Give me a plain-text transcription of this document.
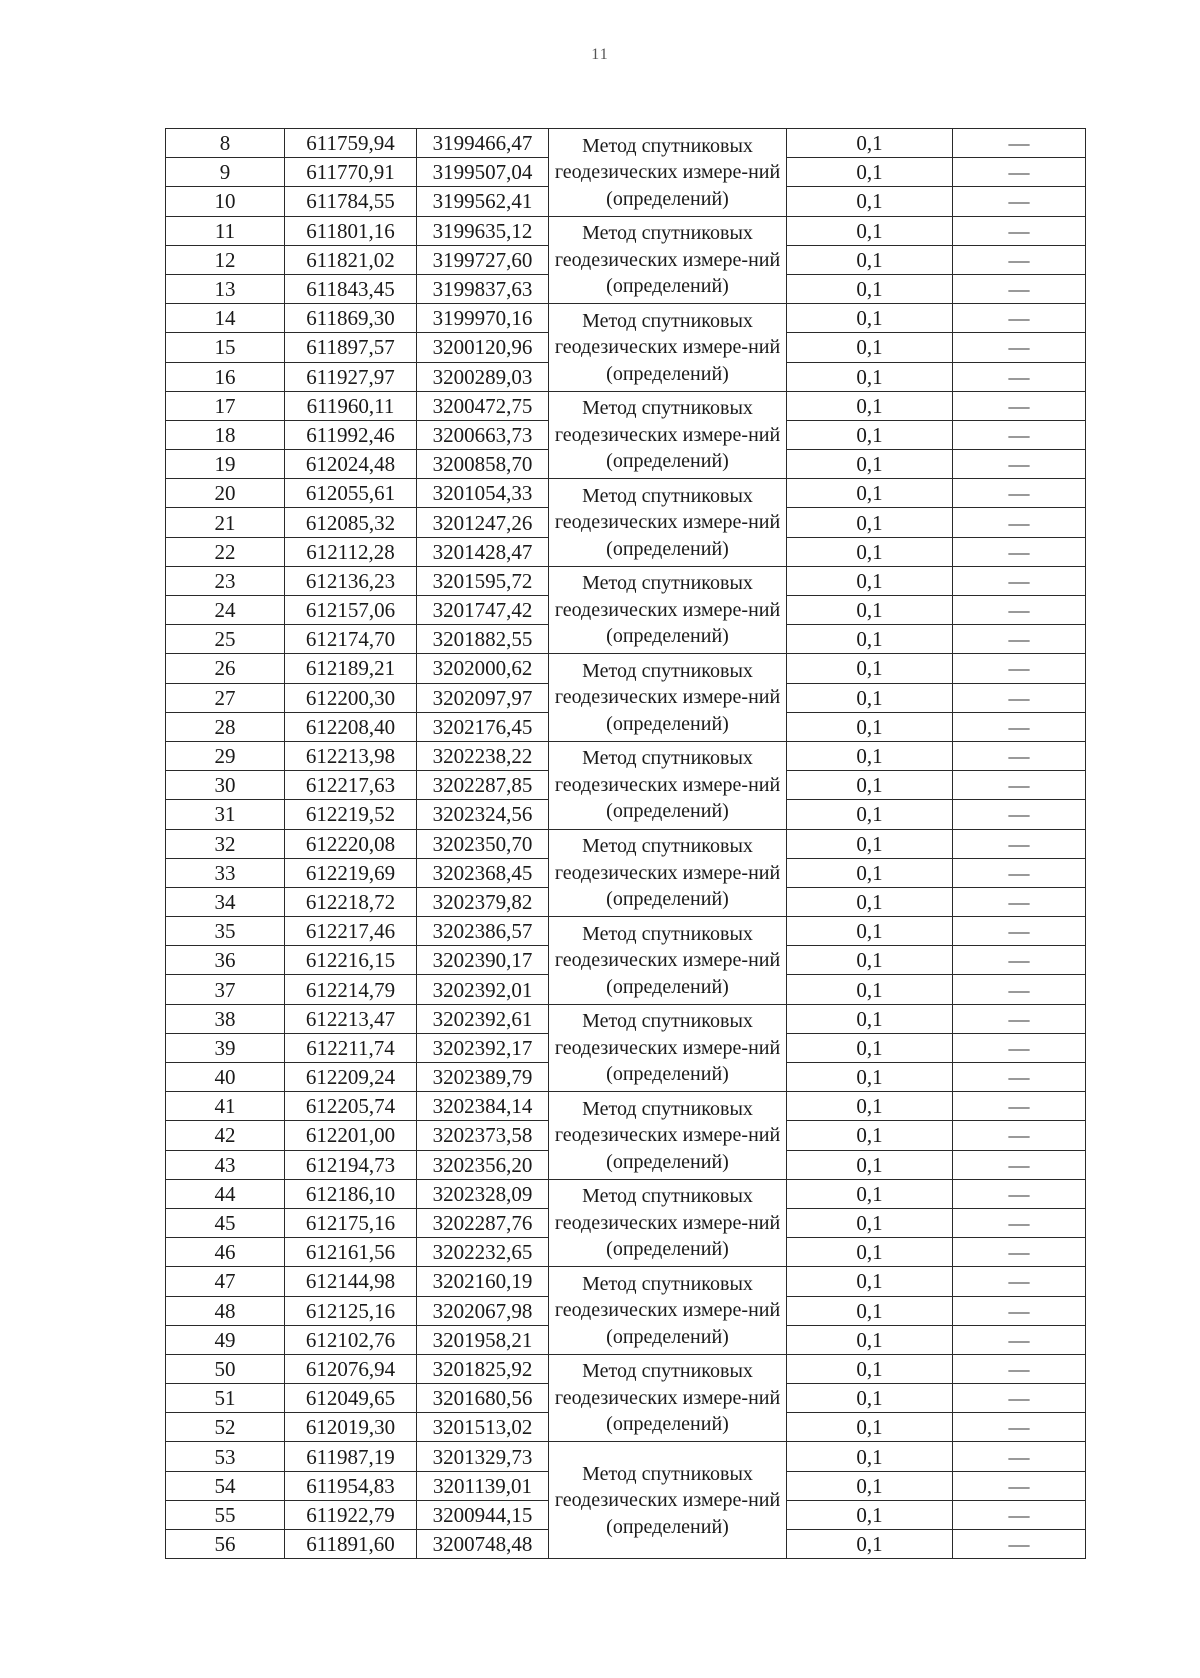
11
8	611759,94	3199466,47	Метод спутниковых геодезических измере-ний (определений)	0,1	—
9	611770,91	3199507,04		0,1	—
10	611784,55	3199562,41		0,1	—
11	611801,16	3199635,12	Метод спутниковых геодезических измере-ний (определений)	0,1	—
12	611821,02	3199727,60		0,1	—
13	611843,45	3199837,63		0,1	—
14	611869,30	3199970,16	Метод спутниковых геодезических измере-ний (определений)	0,1	—
15	611897,57	3200120,96		0,1	—
16	611927,97	3200289,03		0,1	—
17	611960,11	3200472,75	Метод спутниковых геодезических измере-ний (определений)	0,1	—
18	611992,46	3200663,73		0,1	—
19	612024,48	3200858,70		0,1	—
20	612055,61	3201054,33	Метод спутниковых геодезических измере-ний (определений)	0,1	—
21	612085,32	3201247,26		0,1	—
22	612112,28	3201428,47		0,1	—
23	612136,23	3201595,72	Метод спутниковых геодезических измере-ний (определений)	0,1	—
24	612157,06	3201747,42		0,1	—
25	612174,70	3201882,55		0,1	—
26	612189,21	3202000,62	Метод спутниковых геодезических измере-ний (определений)	0,1	—
27	612200,30	3202097,97		0,1	—
28	612208,40	3202176,45		0,1	—
29	612213,98	3202238,22	Метод спутниковых геодезических измере-ний (определений)	0,1	—
30	612217,63	3202287,85		0,1	—
31	612219,52	3202324,56		0,1	—
32	612220,08	3202350,70	Метод спутниковых геодезических измере-ний (определений)	0,1	—
33	612219,69	3202368,45		0,1	—
34	612218,72	3202379,82		0,1	—
35	612217,46	3202386,57	Метод спутниковых геодезических измере-ний (определений)	0,1	—
36	612216,15	3202390,17		0,1	—
37	612214,79	3202392,01		0,1	—
38	612213,47	3202392,61	Метод спутниковых геодезических измере-ний (определений)	0,1	—
39	612211,74	3202392,17		0,1	—
40	612209,24	3202389,79		0,1	—
41	612205,74	3202384,14	Метод спутниковых геодезических измере-ний (определений)	0,1	—
42	612201,00	3202373,58		0,1	—
43	612194,73	3202356,20		0,1	—
44	612186,10	3202328,09	Метод спутниковых геодезических измере-ний (определений)	0,1	—
45	612175,16	3202287,76		0,1	—
46	612161,56	3202232,65		0,1	—
47	612144,98	3202160,19	Метод спутниковых геодезических измере-ний (определений)	0,1	—
48	612125,16	3202067,98		0,1	—
49	612102,76	3201958,21		0,1	—
50	612076,94	3201825,92	Метод спутниковых геодезических измере-ний (определений)	0,1	—
51	612049,65	3201680,56		0,1	—
52	612019,30	3201513,02		0,1	—
53	611987,19	3201329,73	Метод спутниковых геодезических измере-ний (определений)	0,1	—
54	611954,83	3201139,01		0,1	—
55	611922,79	3200944,15		0,1	—
56	611891,60	3200748,48		0,1	—
